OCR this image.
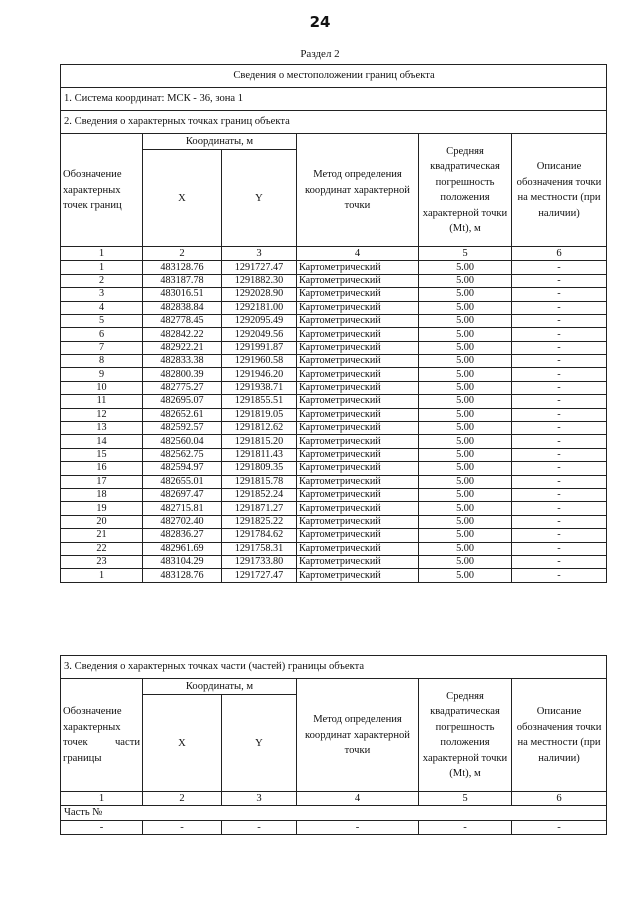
24
Раздел 2
Сведения о местоположении границ объекта					
1. Система координат: МСК - 36, зона 1					
2. Сведения о характерных точках границ объекта					
Обозначение характерных точек границ	Координаты, м		Метод определения координат характерной точки	Средняя квадратическая погрешность положения характерной точки (Mt), м	Описание обозначения точки на местности (при наличии)
	X	Y			
1	2	3	4	5	6
1	483128.76	1291727.47	Картометрический	5.00	-
2	483187.78	1291882.30	Картометрический	5.00	-
3	483016.51	1292028.90	Картометрический	5.00	-
4	482838.84	1292181.00	Картометрический	5.00	-
5	482778.45	1292095.49	Картометрический	5.00	-
6	482842.22	1292049.56	Картометрический	5.00	-
7	482922.21	1291991.87	Картометрический	5.00	-
8	482833.38	1291960.58	Картометрический	5.00	-
9	482800.39	1291946.20	Картометрический	5.00	-
10	482775.27	1291938.71	Картометрический	5.00	-
11	482695.07	1291855.51	Картометрический	5.00	-
12	482652.61	1291819.05	Картометрический	5.00	-
13	482592.57	1291812.62	Картометрический	5.00	-
14	482560.04	1291815.20	Картометрический	5.00	-
15	482562.75	1291811.43	Картометрический	5.00	-
16	482594.97	1291809.35	Картометрический	5.00	-
17	482655.01	1291815.78	Картометрический	5.00	-
18	482697.47	1291852.24	Картометрический	5.00	-
19	482715.81	1291871.27	Картометрический	5.00	-
20	482702.40	1291825.22	Картометрический	5.00	-
21	482836.27	1291784.62	Картометрический	5.00	-
22	482961.69	1291758.31	Картометрический	5.00	-
23	483104.29	1291733.80	Картометрический	5.00	-
1	483128.76	1291727.47	Картометрический	5.00	-
3. Сведения о характерных точках части (частей) границы объекта					
Обозначение характерных точек части границы	Координаты, м		Метод определения координат характерной точки	Средняя квадратическая погрешность положения характерной точки (Mt), м	Описание обозначения точки на местности (при наличии)
	X	Y			
1	2	3	4	5	6
Часть №					
-	-	-	-	-	-
